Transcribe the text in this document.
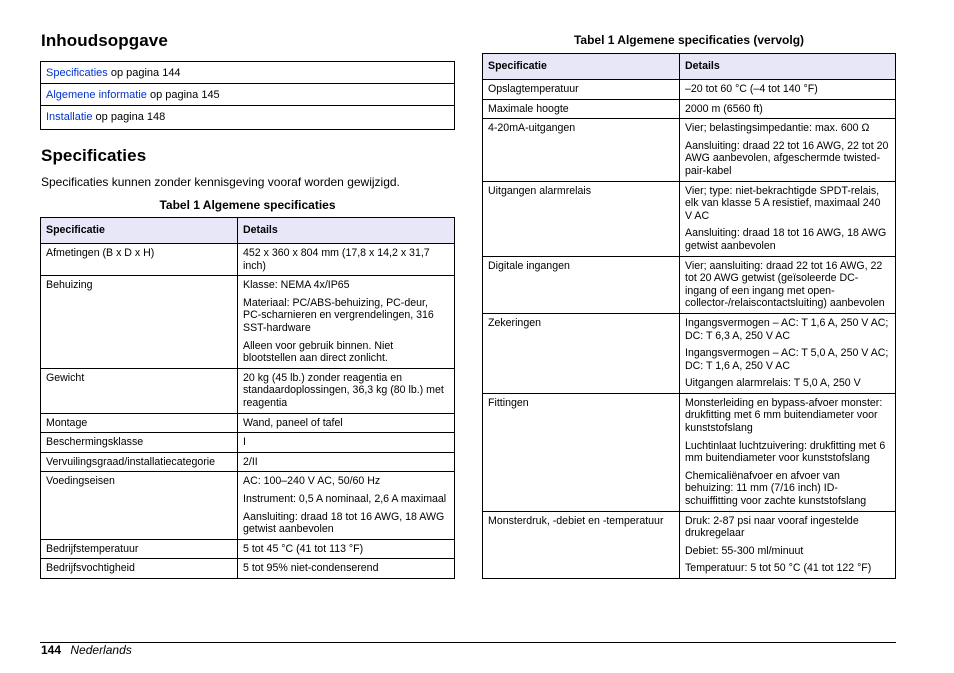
Inhoudsopgave
Specificaties op pagina 144
Algemene informatie op pagina 145
Installatie op pagina 148
Specificaties
Specificaties kunnen zonder kennisgeving vooraf worden gewijzigd.
Tabel 1 Algemene specificaties
Specificatie	Details
Afmetingen (B x D x H)	452 x 360 x 804 mm (17,8 x 14,2 x 31,7 inch)

Behuizing	Klasse: NEMA 4x/IP65

Materiaal: PC/ABS-behuizing, PC-deur, PC-scharnieren en vergrendelingen, 316 SST-hardware

Alleen voor gebruik binnen. Niet blootstellen aan direct zonlicht.

Gewicht	20 kg (45 lb.) zonder reagentia en standaardoplossingen, 36,3 kg (80 lb.) met reagentia

Montage	Wand, paneel of tafel

Beschermingsklasse	I

Vervuilingsgraad/installatiecategorie	2/II

Voedingseisen	AC: 100–240 V AC, 50/60 Hz

Instrument: 0,5 A nominaal, 2,6 A maximaal

Aansluiting: draad 18 tot 16 AWG, 18 AWG getwist aanbevolen

Bedrijfstemperatuur	5 tot 45 °C (41 tot 113 °F)

Bedrijfsvochtigheid	5 tot 95% niet-condenserend

Tabel 1 Algemene specificaties (vervolg)
Specificatie	Details
Opslagtemperatuur	–20 tot 60 °C (–4 tot 140 °F)

Maximale hoogte	2000 m (6560 ft)

4-20mA-uitgangen	Vier; belastingsimpedantie: max. 600 Ω

Aansluiting: draad 22 tot 16 AWG, 22 tot 20 AWG aanbevolen, afgeschermde twisted-pair-kabel

Uitgangen alarmrelais	Vier; type: niet-bekrachtigde SPDT-relais, elk van klasse 5 A resistief, maximaal 240 V AC

Aansluiting: draad 18 tot 16 AWG, 18 AWG getwist aanbevolen

Digitale ingangen	Vier; aansluiting: draad 22 tot 16 AWG, 22 tot 20 AWG getwist (geïsoleerde DC-ingang of een ingang met open-collector-/relaiscontactsluiting) aanbevolen

Zekeringen	Ingangsvermogen – AC: T 1,6 A, 250 V AC; DC: T 6,3 A, 250 V AC

Ingangsvermogen – AC: T 5,0 A, 250 V AC; DC: T 1,6 A, 250 V AC

Uitgangen alarmrelais: T 5,0 A, 250 V

Fittingen	Monsterleiding en bypass-afvoer monster: drukfitting met 6 mm buitendiameter voor kunststofslang

Luchtinlaat luchtzuivering: drukfitting met 6 mm buitendiameter voor kunststofslang

Chemicaliënafvoer en afvoer van behuizing: 11 mm (7/16 inch) ID-schuiffitting voor zachte kunststofslang

Monsterdruk, -debiet en -temperatuur	Druk: 2-87 psi naar vooraf ingestelde drukregelaar

Debiet: 55-300 ml/minuut

Temperatuur: 5 tot 50 °C (41 tot 122 °F)

144 Nederlands
